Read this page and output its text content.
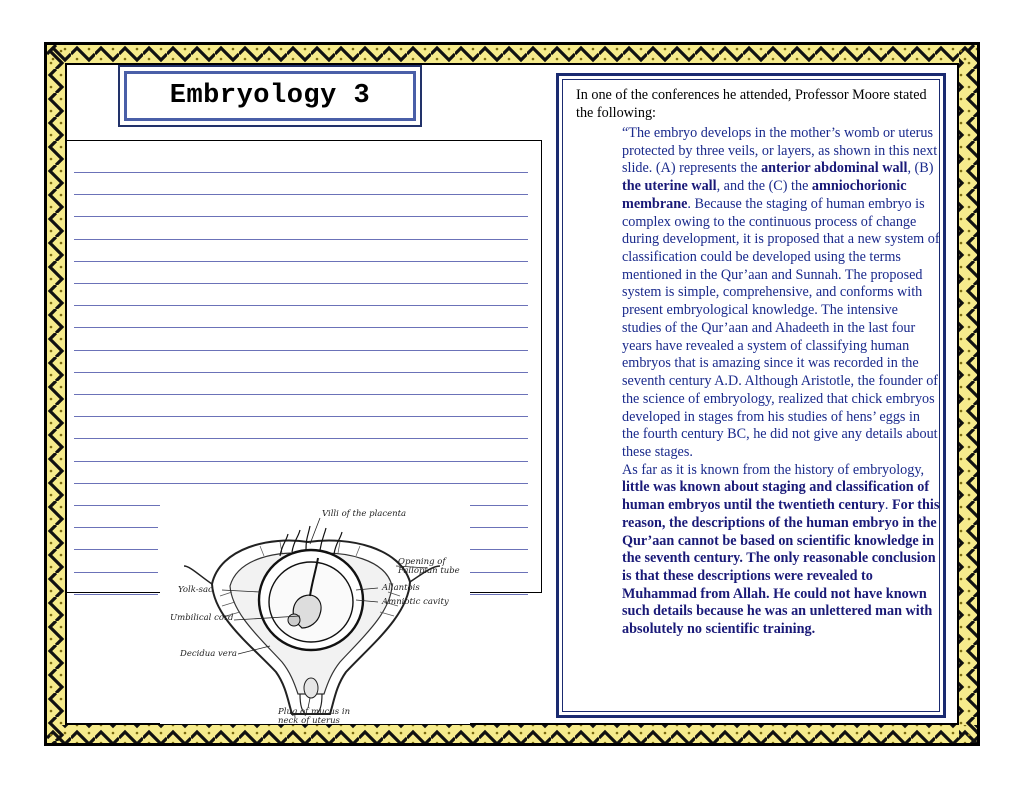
Embryology 3
Villi of the placenta
Opening of Fallopian tube
Yolk-sac	Allantois
Amniotic cavity
Umbilical cord
Decidua vera
Plug of mucus in neck of uterus
In one of the conferences he attended, Professor Moore stated the following:
“The embryo develops in the mother’s womb or uterus protected by three veils, or layers, as shown in this next slide. (A) represents the anterior abdominal wall, (B) the uterine wall, and the (C) the amniochorionic membrane. Because the staging of human embryo is complex owing to the continuous process of change during development, it is proposed that a new system of classification could be developed using the terms mentioned in the Qur’aan and Sunnah. The proposed system is simple, comprehensive, and conforms with present embryological knowledge. The intensive studies of the Qur’aan and Ahadeeth in the last four years have revealed a system of classifying human embryos that is amazing since it was recorded in the seventh century A.D. Although Aristotle, the founder of the science of embryology, realized that chick embryos developed in stages from his studies of hens’ eggs in the fourth century BC, he did not give any details about these stages.
As far as it is known from the history of embryology, little was known about staging and classification of human embryos until the twentieth century. For this reason, the descriptions of the human embryo in the Qur’aan cannot be based on scientific knowledge in the seventh century. The only reasonable conclusion is that these descriptions were revealed to Muhammad from Allah. He could not have known such details because he was an unlettered man with absolutely no scientific training.
